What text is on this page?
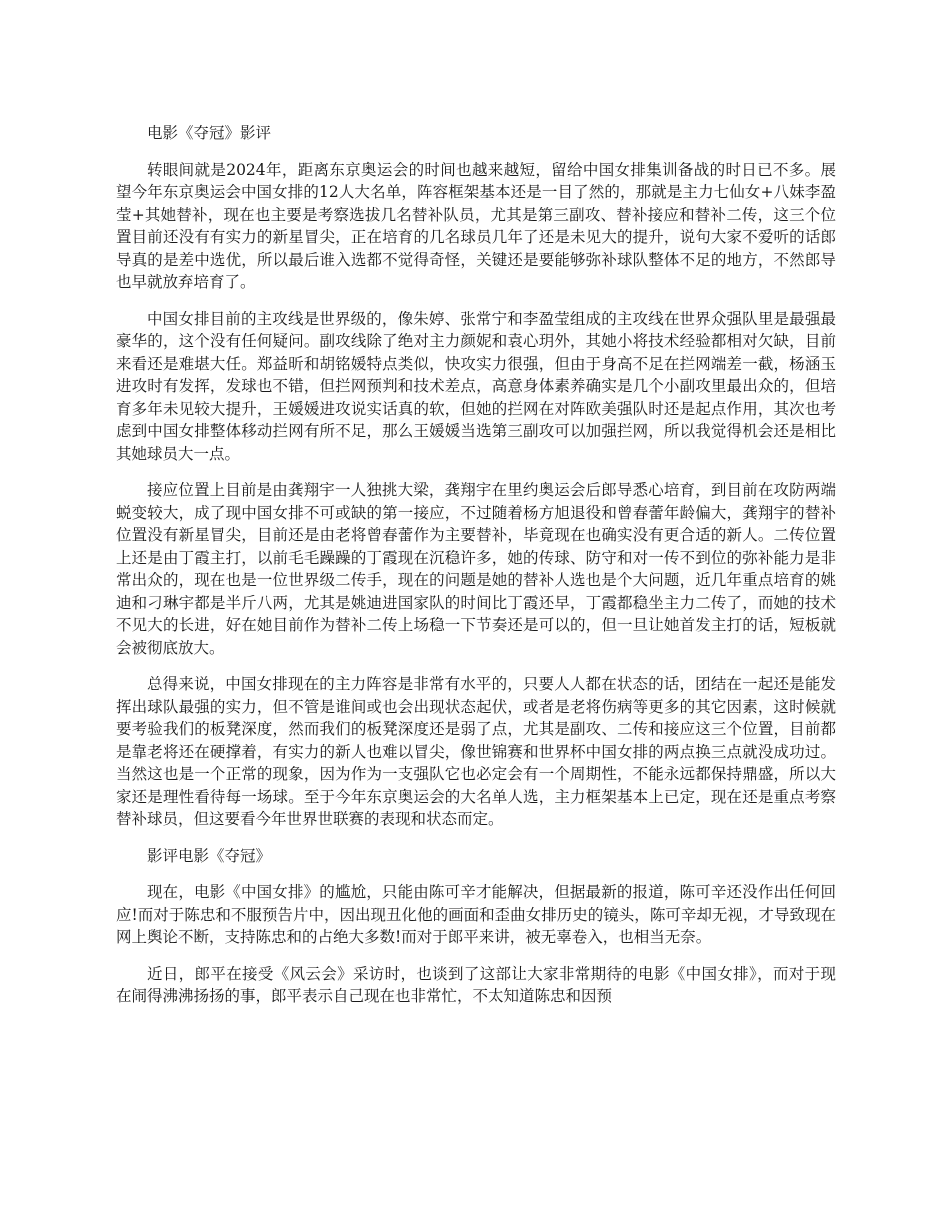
电影《夺冠》影评

转眼间就是2024年，距离东京奥运会的时间也越来越短，留给中国女排集训备战的时日已不多。展望今年东京奥运会中国女排的12人大名单，阵容框架基本还是一目了然的，那就是主力七仙女+八妹李盈莹+其她替补，现在也主要是考察选拔几名替补队员，尤其是第三副攻、替补接应和替补二传，这三个位置目前还没有有实力的新星冒尖，正在培育的几名球员几年了还是未见大的提升，说句大家不爱听的话郎导真的是差中选优，所以最后谁入选都不觉得奇怪，关键还是要能够弥补球队整体不足的地方，不然郎导也早就放弃培育了。

中国女排目前的主攻线是世界级的，像朱婷、张常宁和李盈莹组成的主攻线在世界众强队里是最强最豪华的，这个没有任何疑问。副攻线除了绝对主力颜妮和袁心玥外，其她小将技术经验都相对欠缺，目前来看还是难堪大任。郑益昕和胡铭媛特点类似，快攻实力很强，但由于身高不足在拦网端差一截，杨涵玉进攻时有发挥，发球也不错，但拦网预判和技术差点，高意身体素养确实是几个小副攻里最出众的，但培育多年未见较大提升，王媛媛进攻说实话真的软，但她的拦网在对阵欧美强队时还是起点作用，其次也考虑到中国女排整体移动拦网有所不足，那么王媛媛当选第三副攻可以加强拦网，所以我觉得机会还是相比其她球员大一点。

接应位置上目前是由龚翔宇一人独挑大梁，龚翔宇在里约奥运会后郎导悉心培育，到目前在攻防两端蜕变较大，成了现中国女排不可或缺的第一接应，不过随着杨方旭退役和曾春蕾年龄偏大，龚翔宇的替补位置没有新星冒尖，目前还是由老将曾春蕾作为主要替补，毕竟现在也确实没有更合适的新人。二传位置上还是由丁霞主打，以前毛毛躁躁的丁霞现在沉稳许多，她的传球、防守和对一传不到位的弥补能力是非常出众的，现在也是一位世界级二传手，现在的问题是她的替补人选也是个大问题，近几年重点培育的姚迪和刁琳宇都是半斤八两，尤其是姚迪进国家队的时间比丁霞还早，丁霞都稳坐主力二传了，而她的技术不见大的长进，好在她目前作为替补二传上场稳一下节奏还是可以的，但一旦让她首发主打的话，短板就会被彻底放大。

总得来说，中国女排现在的主力阵容是非常有水平的，只要人人都在状态的话，团结在一起还是能发挥出球队最强的实力，但不管是谁间或也会出现状态起伏，或者是老将伤病等更多的其它因素，这时候就要考验我们的板凳深度，然而我们的板凳深度还是弱了点，尤其是副攻、二传和接应这三个位置，目前都是靠老将还在硬撑着，有实力的新人也难以冒尖，像世锦赛和世界杯中国女排的两点换三点就没成功过。当然这也是一个正常的现象，因为作为一支强队它也必定会有一个周期性，不能永远都保持鼎盛，所以大家还是理性看待每一场球。至于今年东京奥运会的大名单人选，主力框架基本上已定，现在还是重点考察替补球员，但这要看今年世界世联赛的表现和状态而定。

影评电影《夺冠》

现在，电影《中国女排》的尴尬，只能由陈可辛才能解决，但据最新的报道，陈可辛还没作出任何回应!而对于陈忠和不服预告片中，因出现丑化他的画面和歪曲女排历史的镜头，陈可辛却无视，才导致现在网上舆论不断，支持陈忠和的占绝大多数!而对于郎平来讲，被无辜卷入，也相当无奈。

近日，郎平在接受《风云会》采访时，也谈到了这部让大家非常期待的电影《中国女排》，而对于现在闹得沸沸扬扬的事，郎平表示自己现在也非常忙，不太知道陈忠和因预
